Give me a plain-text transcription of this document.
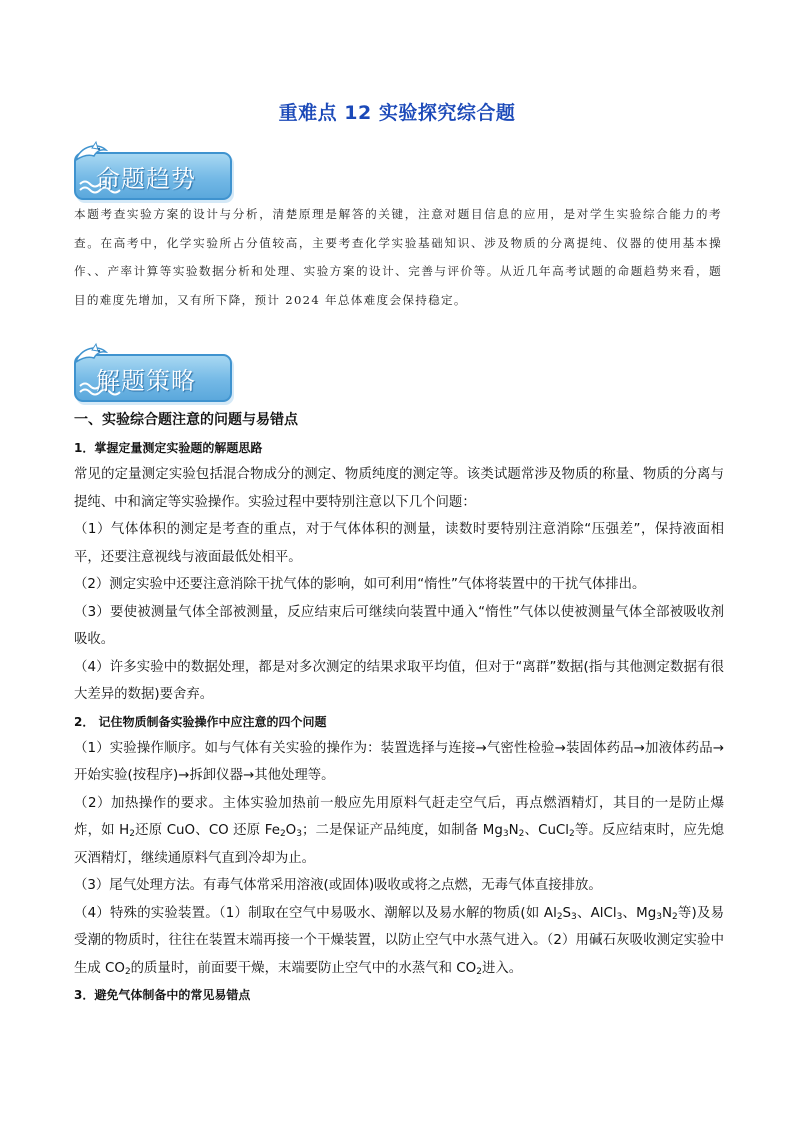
重难点 12 实验探究综合题
命题趋势
本题考查实验方案的设计与分析，清楚原理是解答的关键，注意对题目信息的应用，是对学生实验综合能力的考查。在高考中，化学实验所占分值较高，主要考查化学实验基础知识、涉及物质的分离提纯、仪器的使用基本操作、、产率计算等实验数据分析和处理、实验方案的设计、完善与评价等。从近几年高考试题的命题趋势来看，题目的难度先增加，又有所下降，预计 2024 年总体难度会保持稳定。
解题策略
一、实验综合题注意的问题与易错点
1．掌握定量测定实验题的解题思路

常见的定量测定实验包括混合物成分的测定、物质纯度的测定等。该类试题常涉及物质的称量、物质的分离与提纯、中和滴定等实验操作。实验过程中要特别注意以下几个问题：

（1）气体体积的测定是考查的重点，对于气体体积的测量，读数时要特别注意消除“压强差”，保持液面相平，还要注意视线与液面最低处相平。

（2）测定实验中还要注意消除干扰气体的影响，如可利用“惰性”气体将装置中的干扰气体排出。

（3）要使被测量气体全部被测量，反应结束后可继续向装置中通入“惰性”气体以使被测量气体全部被吸收剂吸收。

（4）许多实验中的数据处理，都是对多次测定的结果求取平均值，但对于“离群”数据(指与其他测定数据有很大差异的数据)要舍弃。

2． 记住物质制备实验操作中应注意的四个问题

（1）实验操作顺序。如与气体有关实验的操作为：装置选择与连接→气密性检验→装固体药品→加液体药品→开始实验(按程序)→拆卸仪器→其他处理等。

（2）加热操作的要求。主体实验加热前一般应先用原料气赶走空气后，再点燃酒精灯，其目的一是防止爆炸，如 $H_2$还原 CuO、CO 还原 $Fe_2O_3$；二是保证产品纯度，如制备 $Mg_3N_2$、CuCl$_2$等。反应结束时，应先熄灭酒精灯，继续通原料气直到冷却为止。

（3）尾气处理方法。有毒气体常采用溶液(或固体)吸收或将之点燃，无毒气体直接排放。

（4）特殊的实验装置。（1）制取在空气中易吸水、潮解以及易水解的物质(如 $Al_2S_3$、AlCl$_3$、$Mg_3N_2$等)及易受潮的物质时，往往在装置末端再接一个干燥装置，以防止空气中水蒸气进入。（2）用碱石灰吸收测定实验中生成 $CO_2$的质量时，前面要干燥，末端要防止空气中的水蒸气和 $CO_2$进入。

3．避免气体制备中的常见易错点
